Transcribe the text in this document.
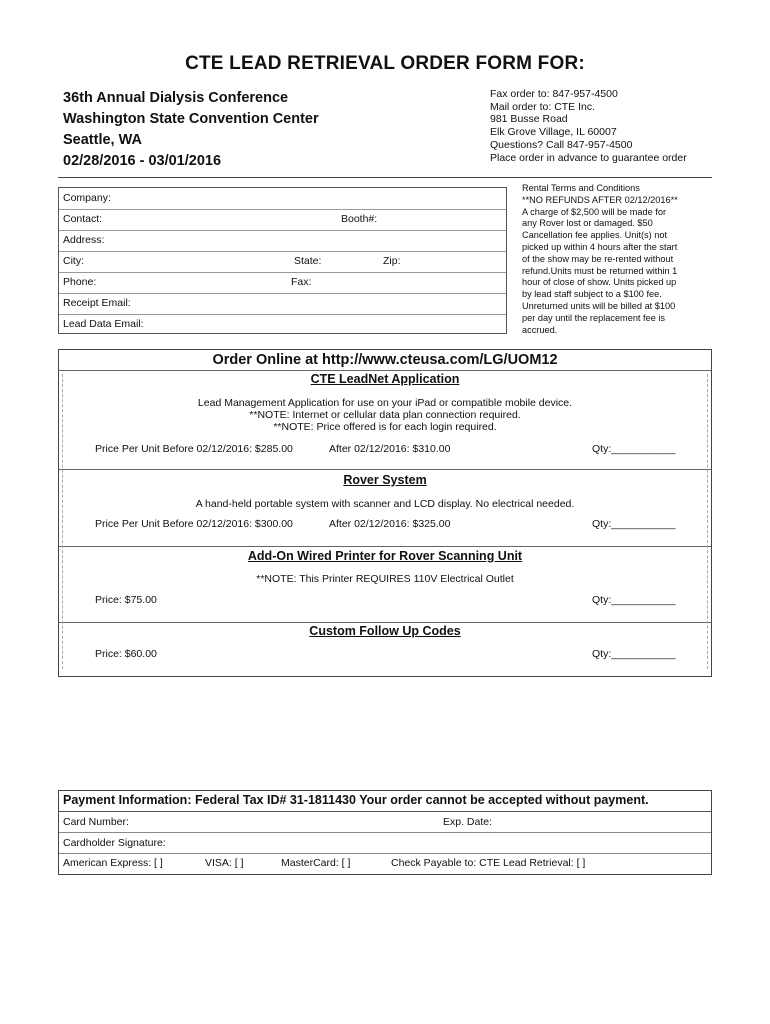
CTE LEAD RETRIEVAL ORDER FORM FOR:
36th Annual Dialysis Conference
Washington State Convention Center
Seattle, WA
02/28/2016 - 03/01/2016
Fax order to: 847-957-4500
Mail order to: CTE Inc.
981 Busse Road
Elk Grove Village, IL 60007
Questions? Call 847-957-4500
Place order in advance to guarantee order
Company:
Contact:	Booth#:
Address:
City:	State:	Zip:
Phone:	Fax:
Receipt Email:
Lead Data Email:
Rental Terms and Conditions
**NO REFUNDS AFTER 02/12/2016**
A charge of $2,500 will be made for
any Rover lost or damaged. $50
Cancellation fee applies. Unit(s) not
picked up within 4 hours after the start
of the show may be re-rented without
refund.Units must be returned within 1
hour of close of show. Units picked up
by lead staff subject to a $100 fee.
Unreturned units will be billed at $100
per day until the replacement fee is
accrued.
Order Online at http://www.cteusa.com/LG/UOM12
CTE LeadNet Application
Lead Management Application for use on your iPad or compatible mobile device.
**NOTE: Internet or cellular data plan connection required.
**NOTE: Price offered is for each login required.
Price Per Unit Before 02/12/2016: $285.00	After 02/12/2016: $310.00	Qty:___________
Rover System
A hand-held portable system with scanner and LCD display. No electrical needed.
Price Per Unit Before 02/12/2016: $300.00	After 02/12/2016: $325.00	Qty:___________
Add-On Wired Printer for Rover Scanning Unit
**NOTE: This Printer REQUIRES 110V Electrical Outlet
Price: $75.00	Qty:___________
Custom Follow Up Codes
Price: $60.00	Qty:___________
Payment Information: Federal Tax ID# 31-1811430 Your order cannot be accepted without payment.
Card Number:	Exp. Date:
Cardholder Signature:
American Express: [ ]	VISA: [ ]	MasterCard: [ ]	Check Payable to: CTE Lead Retrieval: [ ]
